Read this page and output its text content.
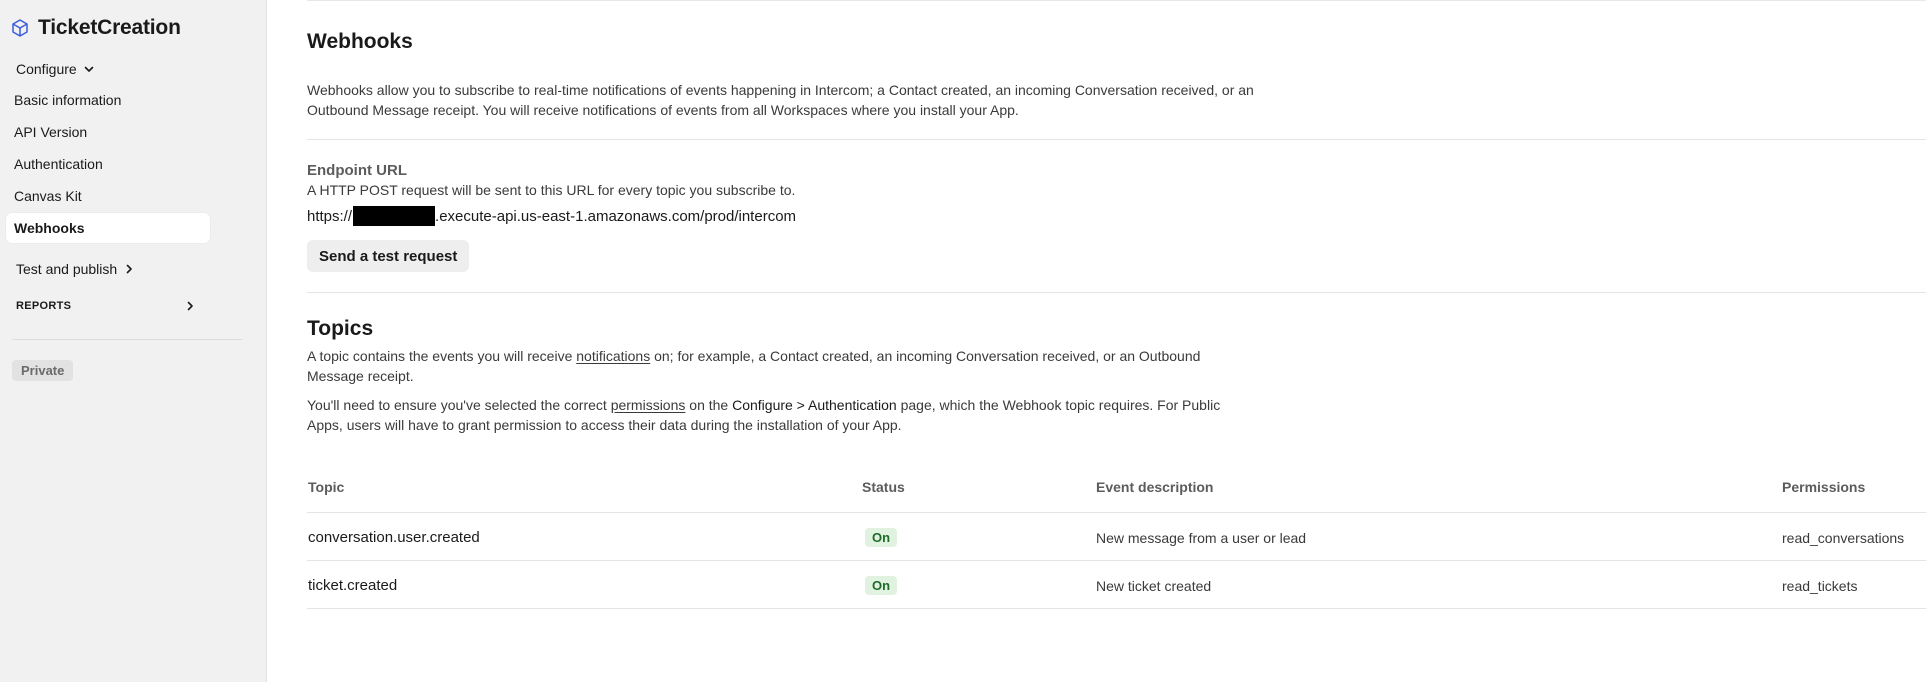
TicketCreation
Configure
Basic information
API Version
Authentication
Canvas Kit
Webhooks
Test and publish
REPORTS
Private
Webhooks

Webhooks allow you to subscribe to real-time notifications of events happening in Intercom; a Contact created, an incoming Conversation received, or an Outbound Message receipt. You will receive notifications of events from all Workspaces where you install your App.

Endpoint URL
A HTTP POST request will be sent to this URL for every topic you subscribe to.
https://	.execute-api.us-east-1.amazonaws.com/prod/intercom
Send a test request
Topics

A topic contains the events you will receive notifications on; for example, a Contact created, an incoming Conversation received, or an Outbound Message receipt.

You'll need to ensure you've selected the correct permissions on the Configure > Authentication page, which the Webhook topic requires. For Public Apps, users will have to grant permission to access their data during the installation of your App.

Topic	Status	Event description	Permissions
conversation.user.created	On	New message from a user or lead	read_conversations
ticket.created	On	New ticket created	read_tickets
